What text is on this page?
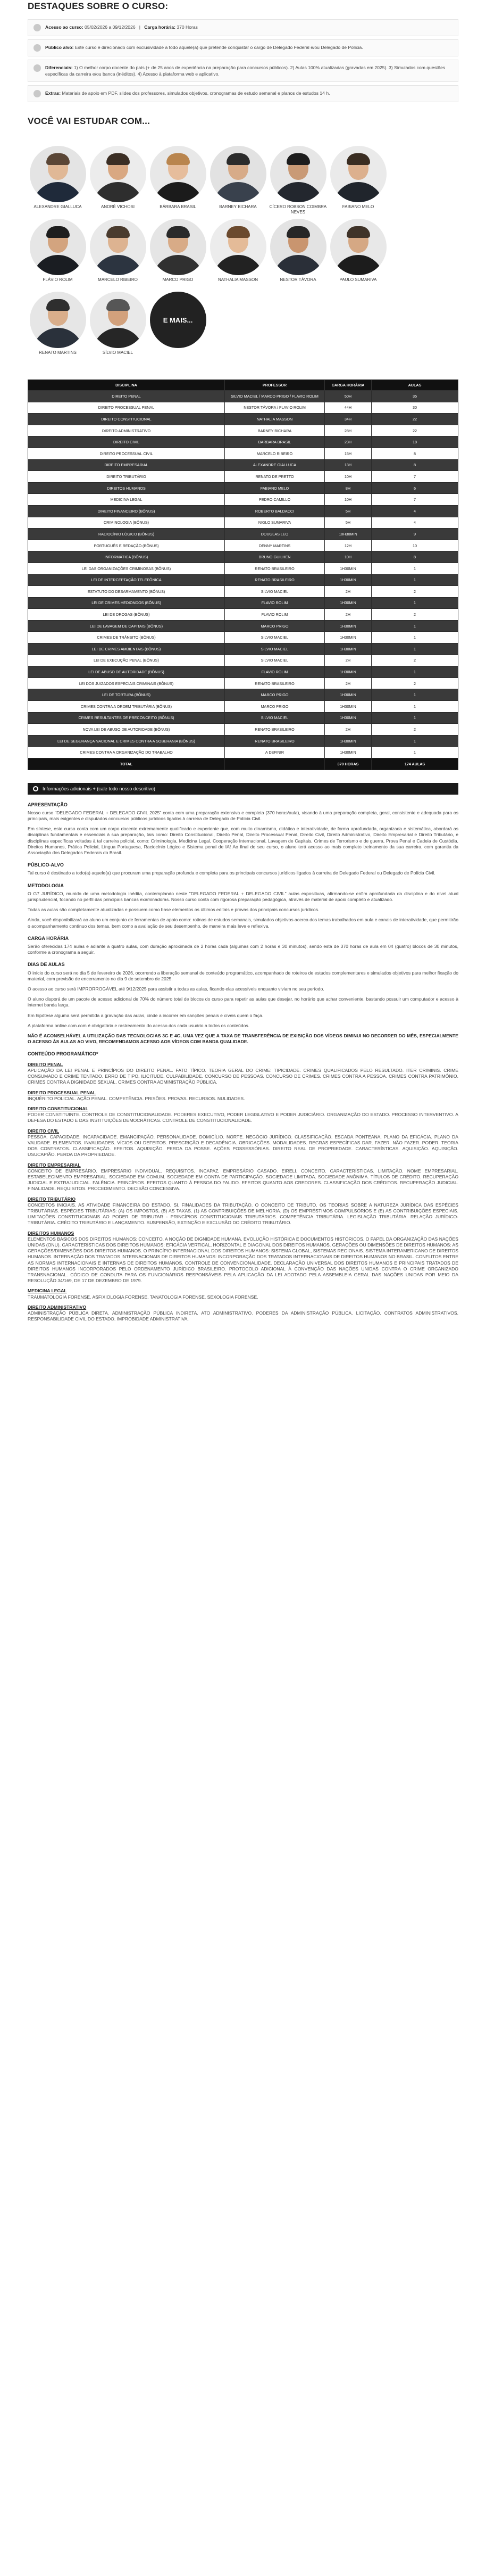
DESTAQUES SOBRE O CURSO:
Acesso ao curso: 05/02/2026 a 09/12/2026   |   Carga horária: 370 Horas
Público alvo: Este curso é direcionado com exclusividade a todo aquele(a) que pretende conquistar o cargo de Delegado Federal e/ou Delegado de Polícia.
Diferenciais: 1) O melhor corpo docente do país (+ de 25 anos de experiência na preparação para concursos públicos). 2) Aulas 100% atualizadas (gravadas em 2025). 3) Simulados com questões específicas da carreira e/ou banca (inéditos). 4) Acesso à plataforma web e aplicativo.
Extras: Materiais de apoio em PDF, slides dos professores, simulados objetivos, cronogramas de estudo semanal e planos de estudos 14 h.
VOCÊ VAI ESTUDAR COM...
ALEXANDRE GIALLUCA	ANDRÉ VICHOSI	BÁRBARA BRASIL	BARNEY BICHARA	CÍCERO ROBSON COIMBRA NEVES
FABIANO MELO
FLÁVIO ROLIM	MARCELO RIBEIRO	MARCO PRIGO	NATHALIA MASSON	NESTOR TÁVORA	PAULO SUMARIVA
RENATO MARTINS	SÍLVIO MACIEL
E MAIS...
DISCIPLINA	PROFESSOR	CARGA HORÁRIA	AULAS
DIREITO PENAL	SILVIO MACIEL / MARCO PRIGO / FLAVIO ROLIM	50H	35
DIREITO PROCESSUAL PENAL	NESTOR TÁVORA / FLAVIO ROLIM	44H	30
DIREITO CONSTITUCIONAL	NATHALIA MASSON	34H	22
DIREITO ADMINISTRATIVO	BARNEY BICHARA	28H	22
DIREITO CIVIL	BARBARA BRASIL	23H	18
DIREITO PROCESSUAL CIVIL	MARCELO RIBEIRO	15H	8
DIREITO EMPRESARIAL	ALEXANDRE GIALLUCA	13H	8
DIREITO TRIBUTÁRIO	RENATO DE PRETTO	10H	7
DIREITOS HUMANOS	FABIANO MELO	8H	6
MEDICINA LEGAL	PEDRO CAMILLO	10H	7
DIREITO FINANCEIRO (BÔNUS)	ROBERTO BALDACCI	5H	4
CRIMINOLOGIA (BÔNUS)	NIGLO SUMARIVA	5H	4
RACIOCÍNIO LÓGICO (BÔNUS)	DOUGLAS LEO	10H30MIN	9
PORTUGUÊS E REDAÇÃO (BÔNUS)	DENNY MARTINS	12H	10
INFORMÁTICA (BÔNUS)	BRUNO GUILHEN	10H	8
LEI DAS ORGANIZAÇÕES CRIMINOSAS (BÔNUS)	RENATO BRASILEIRO	1H30MIN	1
LEI DE INTERCEPTAÇÃO TELEFÔNICA	RENATO BRASILEIRO	1H30MIN	1
ESTATUTO DO DESARMAMENTO (BÔNUS)	SILVIO MACIEL	2H	2
LEI DE CRIMES HEDIONDOS (BÔNUS)	FLAVIO ROLIM	1H30MIN	1
LEI DE DROGAS (BÔNUS)	FLAVIO ROLIM	2H	2
LEI DE LAVAGEM DE CAPITAIS (BÔNUS)	MARCO PRIGO	1H30MIN	1
CRIMES DE TRÂNSITO (BÔNUS)	SILVIO MACIEL	1H30MIN	1
LEI DE CRIMES AMBIENTAIS (BÔNUS)	SILVIO MACIEL	1H30MIN	1
LEI DE EXECUÇÃO PENAL (BÔNUS)	SILVIO MACIEL	2H	2
LEI DE ABUSO DE AUTORIDADE (BÔNUS)	FLAVIO ROLIM	1H30MIN	1
LEI DOS JUIZADOS ESPECIAIS CRIMINAIS (BÔNUS)	RENATO BRASILEIRO	2H	2
LEI DE TORTURA (BÔNUS)	MARCO PRIGO	1H30MIN	1
CRIMES CONTRA A ORDEM TRIBUTÁRIA (BÔNUS)	MARCO PRIGO	1H30MIN	1
CRIMES RESULTANTES DE PRECONCEITO (BÔNUS)	SILVIO MACIEL	1H30MIN	1
NOVA LEI DE ABUSO DE AUTORIDADE (BÔNUS)	RENATO BRASILEIRO	2H	2
LEI DE SEGURANÇA NACIONAL E CRIMES CONTRA A SOBERANIA (BÔNUS)	RENATO BRASILEIRO	1H30MIN	1
CRIMES CONTRA A ORGANIZAÇÃO DO TRABALHO	A DEFINIR	1H30MIN	1
TOTAL		370 HORAS	174 AULAS
Informações adicionais + (cale todo nosso descritivo)
APRESENTAÇÃO

Nosso curso "DELEGADO FEDERAL + DELEGADO CIVIL 2025" conta com uma preparação extensiva e completa (370 horas/aula), visando à uma preparação completa, geral, consistente e adequada para os principais, mais exigentes e disputados concursos públicos jurídicos ligados à carreira de Delegado de Polícia Civil.

Em síntese, este curso conta com um corpo docente extremamente qualificado e experiente que, com muito dinamismo, didática e interatividade, de forma aprofundada, organizada e sistemática, abordará as disciplinas fundamentais e essenciais à sua preparação, tais como: Direito Constitucional, Direito Penal, Direito Processual Penal, Direito Civil, Direito Administrativo, Direito Empresarial e Direito Tributário, e disciplinas específicas voltadas à tal carreira policial, como: Criminologia, Medicina Legal, Cooperação Internacional, Lavagem de Capitais, Crimes de Terrorismo e de guerra, Prova Penal e Cadeia de Custódia, Direitos Humanos, Prática Policial, Língua Portuguesa, Raciocínio Lógico e Sistema penal de IA! Ao final do seu curso, o aluno terá acesso ao mais completo treinamento da sua carreira, com garantia da Associação dos Delegados Federais do Brasil.

PÚBLICO-ALVO

Tal curso é destinado a todo(a) aquele(a) que procuram uma preparação profunda e completa para os principais concursos jurídicos ligados à carreira de Delegado Federal ou Delegado de Polícia Civil.

METODOLOGIA

O G7 JURÍDICO, munido de uma metodologia inédita, contemplando neste "DELEGADO FEDERAL + DELEGADO CIVIL" aulas expositivas, afirmando-se enfim aprofundada da disciplina e do nível atual jurisprudencial, focando no perfil das principais bancas examinadoras. Nosso curso conta com rigorosa preparação pedagógica, através de material de apoio completo e atualizado.

Todas as aulas são completamente atualizadas e possuem como base elementos os últimos editais e provas dos principais concursos jurídicos.

Ainda, você disponibilizará ao aluno um conjunto de ferramentas de apoio como: rotinas de estudos semanais, simulados objetivos acerca dos temas trabalhados em aula e canais de interatividade, que permitirão o acompanhamento contínuo dos temas, bem como a avaliação de seu desempenho, de maneira mais leve e reflexiva.

CARGA HORÁRIA

Serão oferecidas 174 aulas e adiante a quatro aulas, com duração aproximada de 2 horas cada (algumas com 2 horas e 30 minutos), sendo esta de 370 horas de aula em 04 (quatro) blocos de 30 minutos, conforme a cronograma a seguir.

DIAS DE AULAS

O início do curso será no dia 5 de fevereiro de 2026, ocorrendo a liberação semanal de conteúdo programático, acompanhado de roteiros de estudos complementares e simulados objetivos para melhor fixação do material, com previsão de encerramento no dia 9 de setembro de 2025.

O acesso ao curso será IMPRORROGÁVEL até 9/12/2025 para assistir a todas as aulas, ficando elas acessíveis enquanto viviam no seu período.

O aluno disporá de um pacote de acesso adicional de 70% do número total de blocos do curso para repetir as aulas que desejar, no horário que achar conveniente, bastando possuir um computador e acesso à internet banda larga.

Em hipótese alguma será permitida a gravação das aulas, cinde a incorrer em sanções penais e cíveis quem o faça.

A plataforma online.com.com é obrigatória e rastreamento do acesso dos cada usuário a todos os conteúdos.

NÃO É ACONSELHÁVEL A UTILIZAÇÃO DAS TECNOLOGIAS 3G E 4G, UMA VEZ QUE A TAXA DE TRANSFERÊNCIA DE EXIBIÇÃO DOS VÍDEOS DIMINUI NO DECORRER DO MÊS, ESPECIALMENTE O ACESSO ÀS AULAS AO VIVO, RECOMENDAMOS ACESSO AOS VÍDEOS COM BANDA QUALIDADE.

CONTEÚDO PROGRAMÁTICO*
DIREITO PENAL

APLICAÇÃO DA LEI PENAL E PRINCÍPIOS DO DIREITO PENAL. FATO TÍPICO. TEORIA GERAL DO CRIME: TIPICIDADE. CRIMES QUALIFICADOS PELO RESULTADO. ITER CRIMINIS. CRIME CONSUMADO E CRIME TENTADO. ERRO DE TIPO. ILICITUDE. CULPABILIDADE. CONCURSO DE PESSOAS. CONCURSO DE CRIMES. CRIMES CONTRA A PESSOA. CRIMES CONTRA PATRIMÔNIO. CRIMES CONTRA A DIGNIDADE SEXUAL. CRIMES CONTRA ADMINISTRAÇÃO PÚBLICA.

DIREITO PROCESSUAL PENAL

INQUÉRITO POLICIAL. AÇÃO PENAL. COMPETÊNCIA. PRISÕES. PROVAS. RECURSOS. NULIDADES.

DIREITO CONSTITUCIONAL

PODER CONSTITUINTE. CONTROLE DE CONSTITUCIONALIDADE. PODERES EXECUTIVO, PODER LEGISLATIVO E PODER JUDICIÁRIO. ORGANIZAÇÃO DO ESTADO. PROCESSO INTERVENTIVO. A DEFESA DO ESTADO E DAS INSTITUIÇÕES DEMOCRÁTICAS. CONTROLE DE CONSTITUCIONALIDADE.

DIREITO CIVIL

PESSOA. CAPACIDADE. INCAPACIDADE. EMANCIPAÇÃO. PERSONALIDADE. DOMICÍLIO. NORTE. NEGÓCIO JURÍDICO. CLASSIFICAÇÃO. ESCADA PONTEANA. PLANO DA EFICÁCIA. PLANO DA VALIDADE. ELEMENTOS. INVALIDADES. VÍCIOS OU DEFEITOS. PRESCRIÇÃO E DECADÊNCIA. OBRIGAÇÕES. MODALIDADES. REGRAS ESPECÍFICAS DAR. FAZER. NÃO FAZER. PODER. TEORIA DOS CONTRATOS. CLASSIFICAÇÃO. EFEITOS. AQUISIÇÃO. PERDA DA POSSE. AÇÕES POSSESSÓRIAS. DIREITO REAL DE PROPRIEDADE. CARACTERÍSTICAS. AQUISIÇÃO. AQUISIÇÃO. USUCAPIÃO. PERDA DA PROPRIEDADE.

DIREITO EMPRESARIAL

CONCEITO DE EMPRESÁRIO. EMPRESÁRIO INDIVIDUAL. REQUISITOS. INCAPAZ. EMPRESÁRIO CASADO. EIRELI. CONCEITO. CARACTERÍSTICAS. LIMITAÇÃO. NOME EMPRESARIAL. ESTABELECIMENTO EMPRESARIAL. SOCIEDADE EM COMUM. SOCIEDADE EM CONTA DE PARTICIPAÇÃO. SOCIEDADE LIMITADA. SOCIEDADE ANÔNIMA. TÍTULOS DE CRÉDITO. RECUPERAÇÃO JUDICIAL E EXTRAJUDICIAL. FALÊNCIA. PRINCÍPIOS. EFEITOS QUANTO À PESSOA DO FALIDO. EFEITOS QUANTO AOS CREDORES. CLASSIFICAÇÃO DOS CRÉDITOS. RECUPERAÇÃO JUDICIAL. FINALIDADE. REQUISITOS. PROCEDIMENTO. DECISÃO CONCESSIVA.

DIREITO TRIBUTÁRIO

CONCEITOS INICIAIS. AS ATIVIDADE FINANCEIRA DO ESTADO. SI. FINALIDADES DA TRIBUTAÇÃO. O CONCEITO DE TRIBUTO. OS TEORIAS SOBRE A NATUREZA JURÍDICA DAS ESPÉCIES TRIBUTÁRIAS. ESPÉCIES TRIBUTÁRIAS: (A) OS IMPOSTOS, (B) AS TAXAS. (1) AS CONTRIBUIÇÕES DE MELHORIA. (D) OS EMPRÉSTIMOS COMPULSÓRIOS E (E) AS CONTRIBUIÇÕES ESPECIAIS. LIMITAÇÕES CONSTITUCIONAIS AO PODER DE TRIBUTAR - PRINCÍPIOS CONSTITUCIONAIS TRIBUTÁRIOS. COMPETÊNCIA TRIBUTÁRIA. LEGISLAÇÃO TRIBUTÁRIA. RELAÇÃO JURÍDICO-TRIBUTÁRIA. CRÉDITO TRIBUTÁRIO E LANÇAMENTO. SUSPENSÃO, EXTINÇÃO E EXCLUSÃO DO CRÉDITO TRIBUTÁRIO.

DIREITOS HUMANOS

ELEMENTOS BÁSICOS DOS DIREITOS HUMANOS: CONCEITO. A NOÇÃO DE DIGNIDADE HUMANA. EVOLUÇÃO HISTÓRICA E DOCUMENTOS HISTÓRICOS. O PAPEL DA ORGANIZAÇÃO DAS NAÇÕES UNIDAS (ONU). CARACTERÍSTICAS DOS DIREITOS HUMANOS: EFICÁCIA VERTICAL, HORIZONTAL E DIAGONAL DOS DIREITOS HUMANOS. GERAÇÕES OU DIMENSÕES DE DIREITOS HUMANOS: AS GERAÇÕES/DIMENSÕES DOS DIREITOS HUMANOS. O PRINCÍPIO INTERNACIONAL DOS DIREITOS HUMANOS: SISTEMA GLOBAL, SISTEMAS REGIONAIS. SISTEMA INTERAMERICANO DE DIREITOS HUMANOS. INTERNAÇÃO DOS TRATADOS INTERNACIONAIS DE DIREITOS HUMANOS: INCORPORAÇÃO DOS TRATADOS INTERNACIONAIS DE DIREITOS HUMANOS NO BRASIL. CONFLITOS ENTRE AS NORMAS INTERNACIONAIS E INTERNAS DE DIREITOS HUMANOS. CONTROLE DE CONVENCIONALIDADE. DECLARAÇÃO UNIVERSAL DOS DIREITOS HUMANOS E PRINCIPAIS TRATADOS DE DIREITOS HUMANOS INCORPORADOS PELO ORDENAMENTO JURÍDICO BRASILEIRO. PROTOCOLO ADICIONAL À CONVENÇÃO DAS NAÇÕES UNIDAS CONTRA O CRIME ORGANIZADO TRANSNACIONAL. CÓDIGO DE CONDUTA PARA OS FUNCIONÁRIOS RESPONSÁVEIS PELA APLICAÇÃO DA LEI ADOTADO PELA ASSEMBLEIA GERAL DAS NAÇÕES UNIDAS POR MEIO DA RESOLUÇÃO 34/169, DE 17 DE DEZEMBRO DE 1979.

MEDICINA LEGAL

TRAUMATOLOGIA FORENSE. ASFIXIOLOGIA FORENSE. TANATOLOGIA FORENSE. SEXOLOGIA FORENSE.

DIREITO ADMINISTRATIVO

ADMINISTRAÇÃO PÚBLICA DIRETA. ADMINISTRAÇÃO PÚBLICA INDIRETA. ATO ADMINISTRATIVO. PODERES DA ADMINISTRAÇÃO PÚBLICA. LICITAÇÃO. CONTRATOS ADMINISTRATIVOS. RESPONSABILIDADE CIVIL DO ESTADO. IMPROBIDADE ADMINISTRATIVA.
